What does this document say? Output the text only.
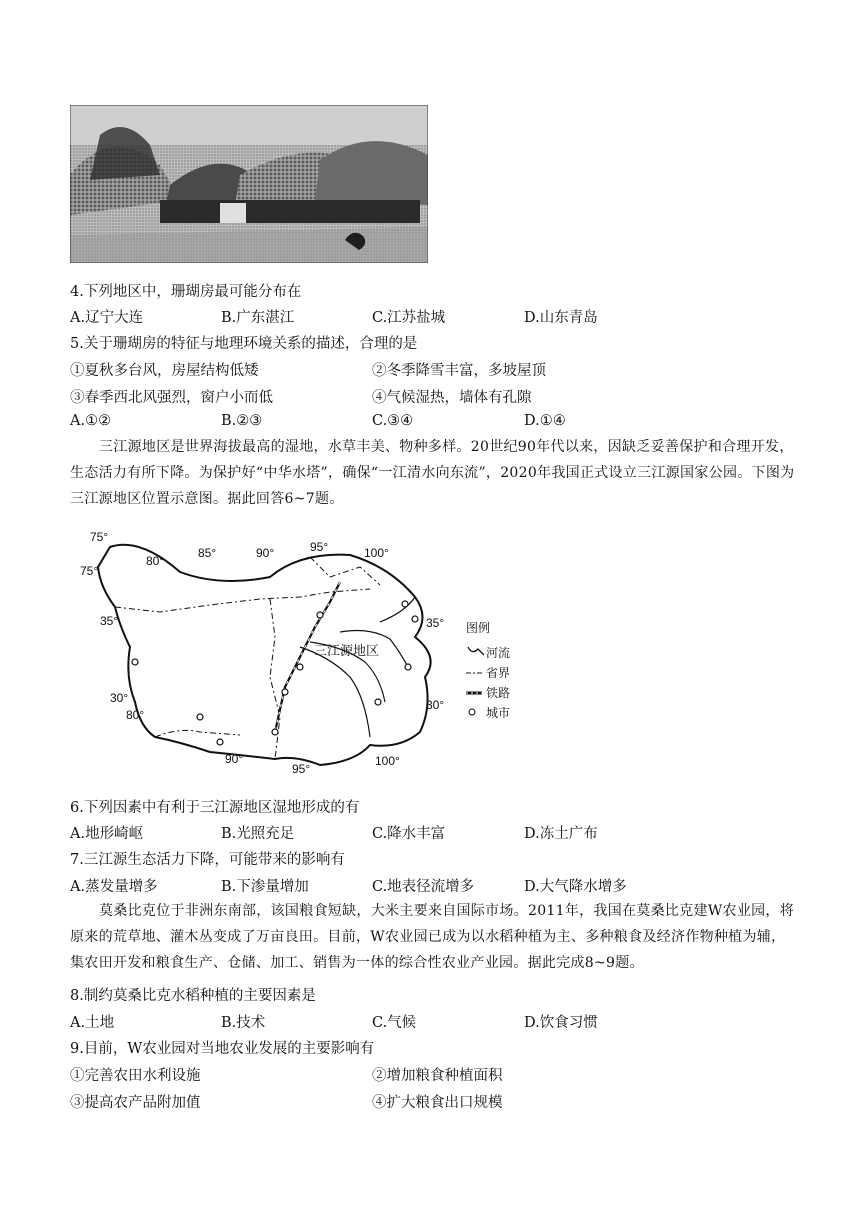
4.下列地区中，珊瑚房最可能分布在
A.辽宁大连	B.广东湛江	C.江苏盐城	D.山东青岛
5.关于珊瑚房的特征与地理环境关系的描述，合理的是
①夏秋多台风，房屋结构低矮	②冬季降雪丰富，多坡屋顶
③春季西北风强烈，窗户小而低	④气候湿热，墙体有孔隙
A.①②	B.②③	C.③④	D.①④
三江源地区是世界海拔最高的湿地，水草丰美、物种多样。20世纪90年代以来，因缺乏妥善保护和合理开发，生态活力有所下降。为保护好“中华水塔”，确保“一江清水向东流”，2020年我国正式设立三江源国家公园。下图为三江源地区位置示意图。据此回答6~7题。
三江源地区
75°
90°	95°	100°
80°
85°
75°
35°	35°
30°
80°
30°
90°
95°
100°
图例
河流
省界
铁路
城市
6.下列因素中有利于三江源地区湿地形成的有
A.地形崎岖	B.光照充足	C.降水丰富	D.冻土广布
7.三江源生态活力下降，可能带来的影响有
A.蒸发量增多	B.下渗量增加	C.地表径流增多	D.大气降水增多
莫桑比克位于非洲东南部，该国粮食短缺，大米主要来自国际市场。2011年，我国在莫桑比克建W农业园，将原来的荒草地、灌木丛变成了万亩良田。目前，W农业园已成为以水稻种植为主、多种粮食及经济作物种植为辅，集农田开发和粮食生产、仓储、加工、销售为一体的综合性农业产业园。据此完成8~9题。
8.制约莫桑比克水稻种植的主要因素是
A.土地	B.技术	C.气候	D.饮食习惯
9.目前，W农业园对当地农业发展的主要影响有
①完善农田水利设施	②增加粮食种植面积
③提高农产品附加值	④扩大粮食出口规模
